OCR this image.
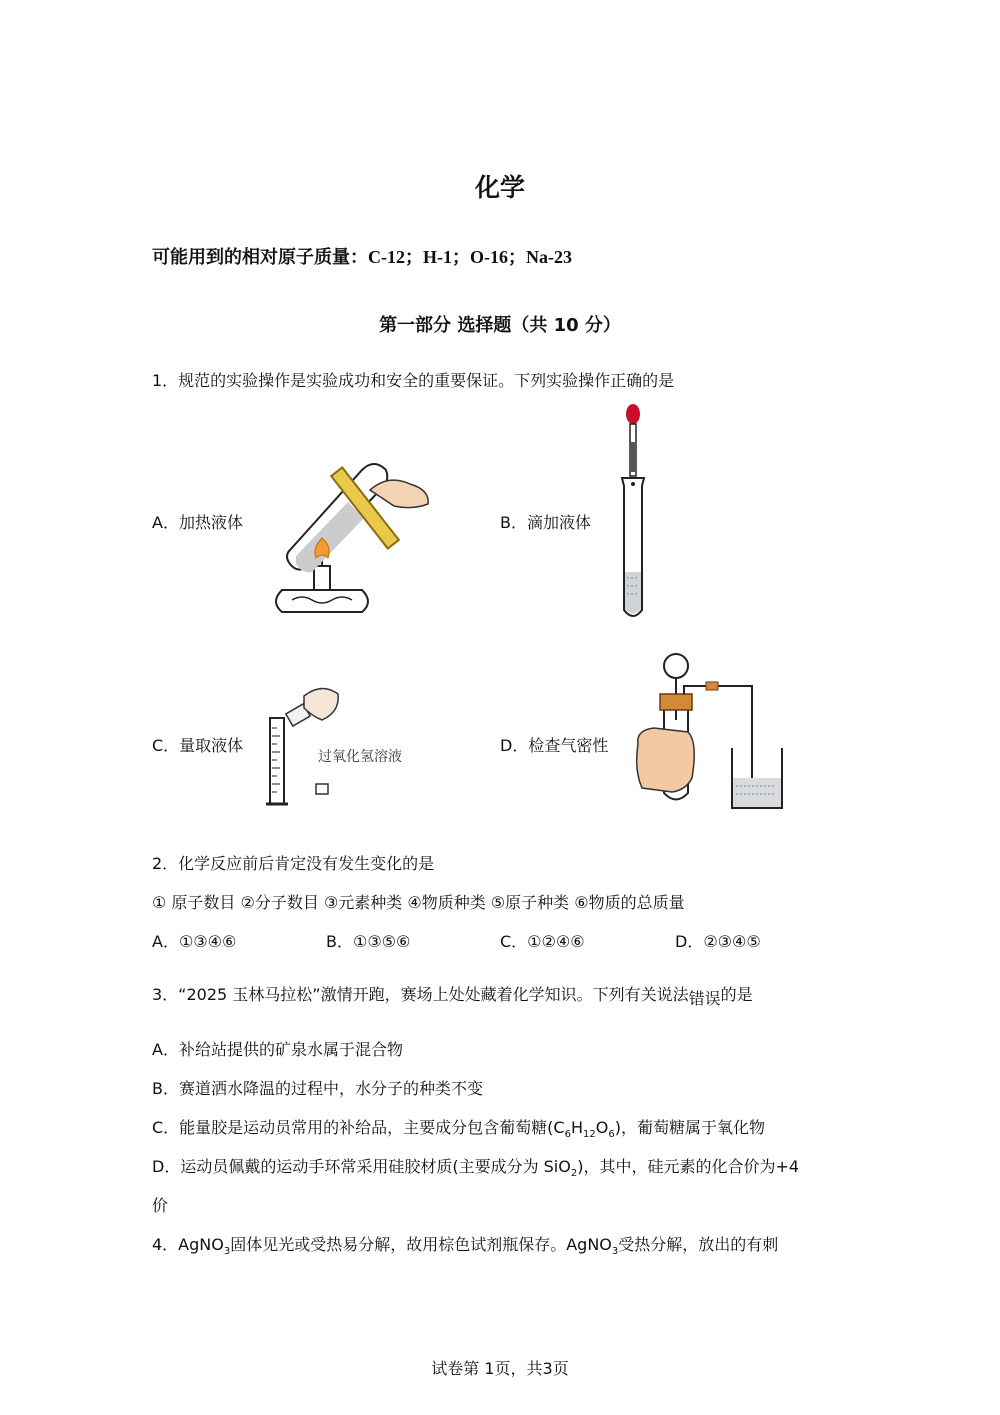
化学
可能用到的相对原子质量：C-12；H-1；O-16；Na-23
第一部分 选择题（共 10 分）
1．规范的实验操作是实验成功和安全的重要保证。下列实验操作正确的是
A．加热液体	B．滴加液体
C．量取液体	D．检查气密性
过氧化氢溶液
2．化学反应前后肯定没有发生变化的是
① 原子数目 ②分子数目 ③元素种类 ④物质种类 ⑤原子种类 ⑥物质的总质量
A．①③④⑥	B．①③⑤⑥	C．①②④⑥	D．②③④⑤
3．“2025 玉林马拉松”激情开跑，赛场上处处藏着化学知识。下列有关说法错误的是
A．补给站提供的矿泉水属于混合物
B．赛道洒水降温的过程中，水分子的种类不变
C．能量胶是运动员常用的补给品，主要成分包含葡萄糖$(C_6H_{12}O_6)$，葡萄糖属于氧化物
D．运动员佩戴的运动手环常采用硅胶材质(主要成分为 SiO$_2$)，其中，硅元素的化合价为+4
价
4．AgNO$_3$固体见光或受热易分解，故用棕色试剂瓶保存。AgNO$_3$受热分解，放出的有刺
试卷第 1页，共3页
